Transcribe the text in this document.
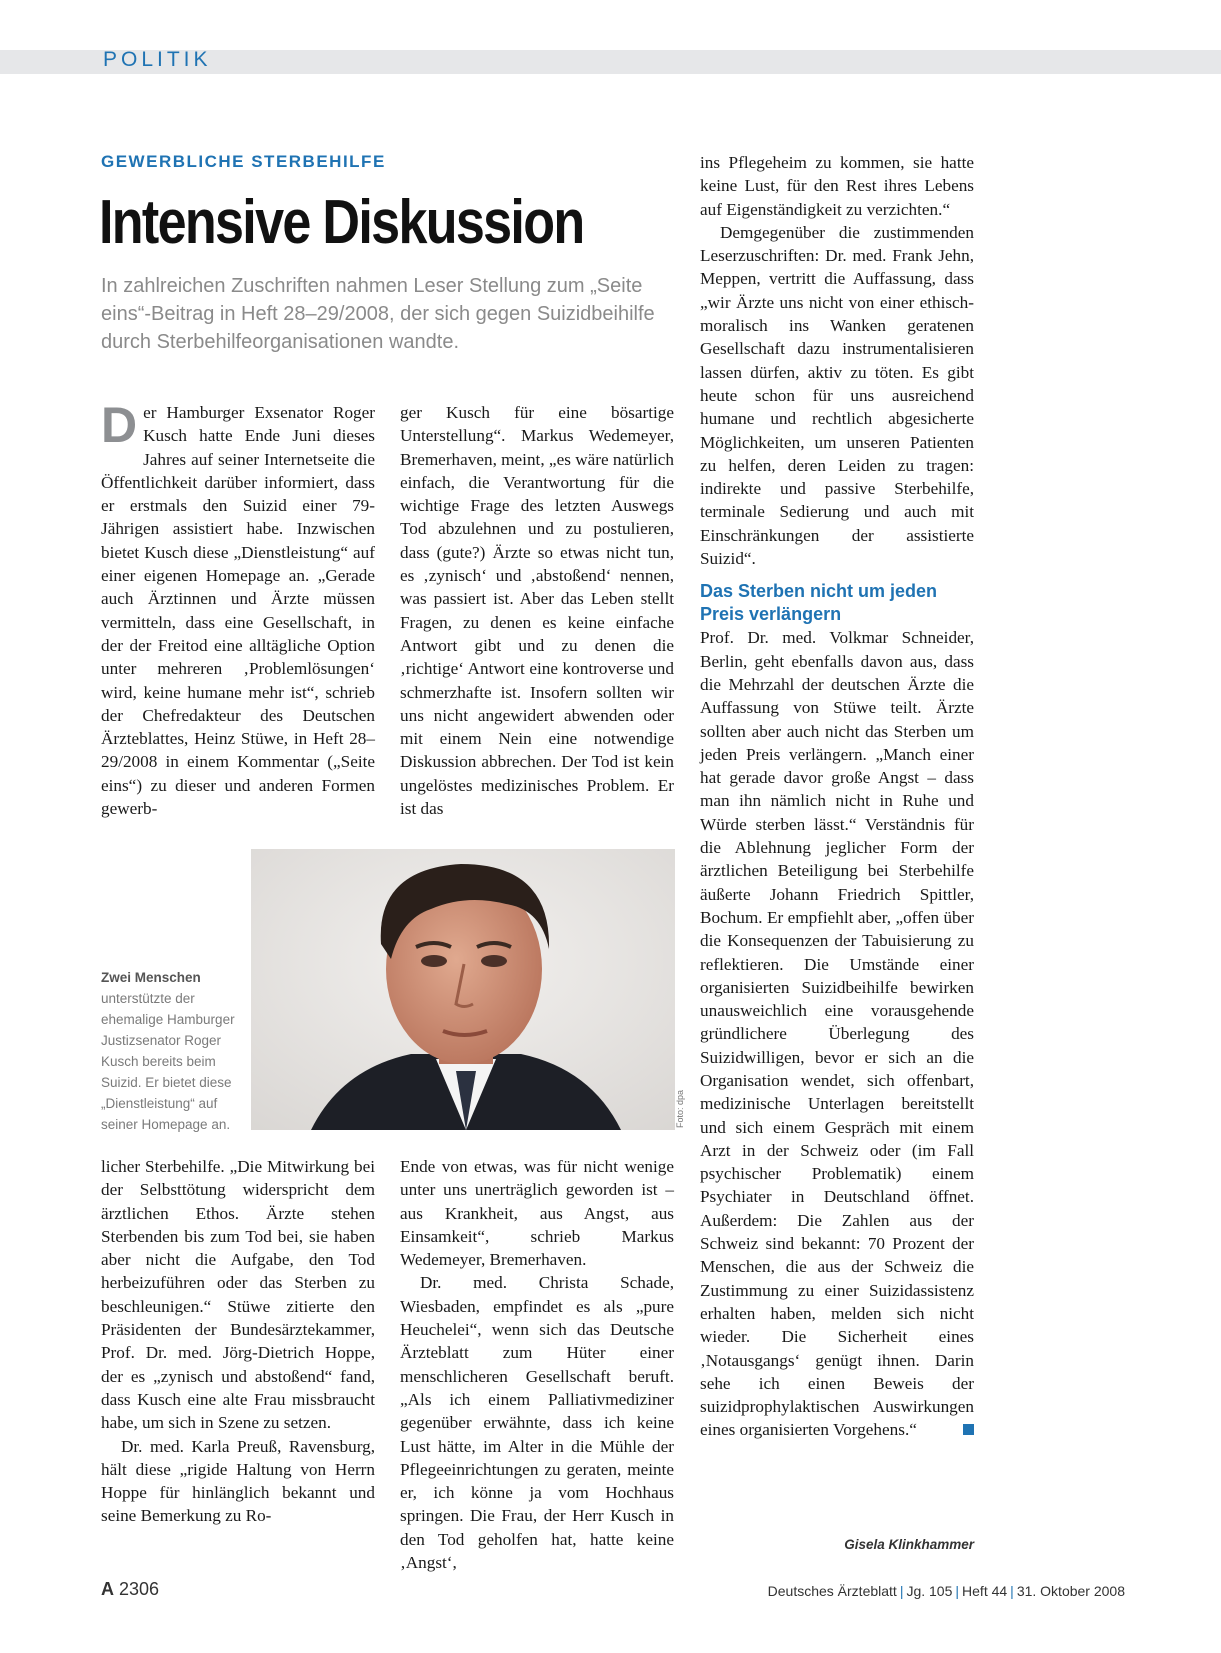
POLITIK
GEWERBLICHE STERBEHILFE
Intensive Diskussion
In zahlreichen Zuschriften nahmen Leser Stellung zum „Seite eins“-Beitrag in Heft 28–29/2008, der sich gegen Suizidbeihilfe durch Sterbehilfeorganisationen wandte.

Der Hamburger Exsenator Roger Kusch hatte Ende Juni dieses Jahres auf seiner Internetseite die Öffentlichkeit darüber informiert, dass er erstmals den Suizid einer 79-Jährigen assistiert habe. Inzwischen bietet Kusch diese „Dienstleistung“ auf einer eigenen Homepage an. „Gerade auch Ärztinnen und Ärzte müssen vermitteln, dass eine Gesellschaft, in der der Freitod eine alltägliche Option unter mehreren ‚Problemlösungen‘ wird, keine humane mehr ist“, schrieb der Chefredakteur des Deutschen Ärzteblattes, Heinz Stüwe, in Heft 28–29/2008 in einem Kommentar („Seite eins“) zu dieser und anderen Formen gewerb-

ger Kusch für eine bösartige Unterstellung“. Markus Wedemeyer, Bremerhaven, meint, „es wäre natürlich einfach, die Verantwortung für die wichtige Frage des letzten Auswegs Tod abzulehnen und zu postulieren, dass (gute?) Ärzte so etwas nicht tun, es ‚zynisch‘ und ‚abstoßend‘ nennen, was passiert ist. Aber das Leben stellt Fragen, zu denen es keine einfache Antwort gibt und zu denen die ‚richtige‘ Antwort eine kontroverse und schmerzhafte ist. Insofern sollten wir uns nicht angewidert abwenden oder mit einem Nein eine notwendige Diskussion abbrechen. Der Tod ist kein ungelöstes medizinisches Problem. Er ist das

Foto: dpa
Zwei Menschen
unterstützte der ehemalige Hamburger Justizsenator Roger Kusch bereits beim Suizid. Er bietet diese „Dienstleistung“ auf seiner Homepage an.

licher Sterbehilfe. „Die Mitwirkung bei der Selbsttötung widerspricht dem ärztlichen Ethos. Ärzte stehen Sterbenden bis zum Tod bei, sie haben aber nicht die Aufgabe, den Tod herbeizuführen oder das Sterben zu beschleunigen.“ Stüwe zitierte den Präsidenten der Bundesärztekammer, Prof. Dr. med. Jörg-Dietrich Hoppe, der es „zynisch und abstoßend“ fand, dass Kusch eine alte Frau missbraucht habe, um sich in Szene zu setzen.

Dr. med. Karla Preuß, Ravensburg, hält diese „rigide Haltung von Herrn Hoppe für hinlänglich bekannt und seine Bemerkung zu Ro-

Ende von etwas, was für nicht wenige unter uns unerträglich geworden ist – aus Krankheit, aus Angst, aus Einsamkeit“, schrieb Markus Wedemeyer, Bremerhaven.

Dr. med. Christa Schade, Wiesbaden, empfindet es als „pure Heuchelei“, wenn sich das Deutsche Ärzteblatt zum Hüter einer menschlicheren Gesellschaft beruft. „Als ich einem Palliativmediziner gegenüber erwähnte, dass ich keine Lust hätte, im Alter in die Mühle der Pflegeeinrichtungen zu geraten, meinte er, ich könne ja vom Hochhaus springen. Die Frau, der Herr Kusch in den Tod geholfen hat, hatte keine ‚Angst‘,

ins Pflegeheim zu kommen, sie hatte keine Lust, für den Rest ihres Lebens auf Eigenständigkeit zu verzichten.“

Demgegenüber die zustimmenden Leserzuschriften: Dr. med. Frank Jehn, Meppen, vertritt die Auffassung, dass „wir Ärzte uns nicht von einer ethisch-moralisch ins Wanken geratenen Gesellschaft dazu instrumentalisieren lassen dürfen, aktiv zu töten. Es gibt heute schon für uns ausreichend humane und rechtlich abgesicherte Möglichkeiten, um unseren Patienten zu helfen, deren Leiden zu tragen: indirekte und passive Sterbehilfe, terminale Sedierung und auch mit Einschränkungen der assistierte Suizid“.

Das Sterben nicht um jeden Preis verlängern

Prof. Dr. med. Volkmar Schneider, Berlin, geht ebenfalls davon aus, dass die Mehrzahl der deutschen Ärzte die Auffassung von Stüwe teilt. Ärzte sollten aber auch nicht das Sterben um jeden Preis verlängern. „Manch einer hat gerade davor große Angst – dass man ihn nämlich nicht in Ruhe und Würde sterben lässt.“ Verständnis für die Ablehnung jeglicher Form der ärztlichen Beteiligung bei Sterbehilfe äußerte Johann Friedrich Spittler, Bochum. Er empfiehlt aber, „offen über die Konsequenzen der Tabuisierung zu reflektieren. Die Umstände einer organisierten Suizidbeihilfe bewirken unausweichlich eine vorausgehende gründlichere Überlegung des Suizidwilligen, bevor er sich an die Organisation wendet, sich offenbart, medizinische Unterlagen bereitstellt und sich einem Gespräch mit einem Arzt in der Schweiz oder (im Fall psychischer Problematik) einem Psychiater in Deutschland öffnet. Außerdem: Die Zahlen aus der Schweiz sind bekannt: 70 Prozent der Menschen, die aus der Schweiz die Zustimmung zu einer Suizidassistenz erhalten haben, melden sich nicht wieder. Die Sicherheit eines ‚Notausgangs‘ genügt ihnen. Darin sehe ich einen Beweis der suizidprophylaktischen Auswirkungen eines organisierten Vorgehens.“

Gisela Klinkhammer
A 2306	Deutsches Ärzteblatt | Jg. 105 | Heft 44 | 31. Oktober 2008
